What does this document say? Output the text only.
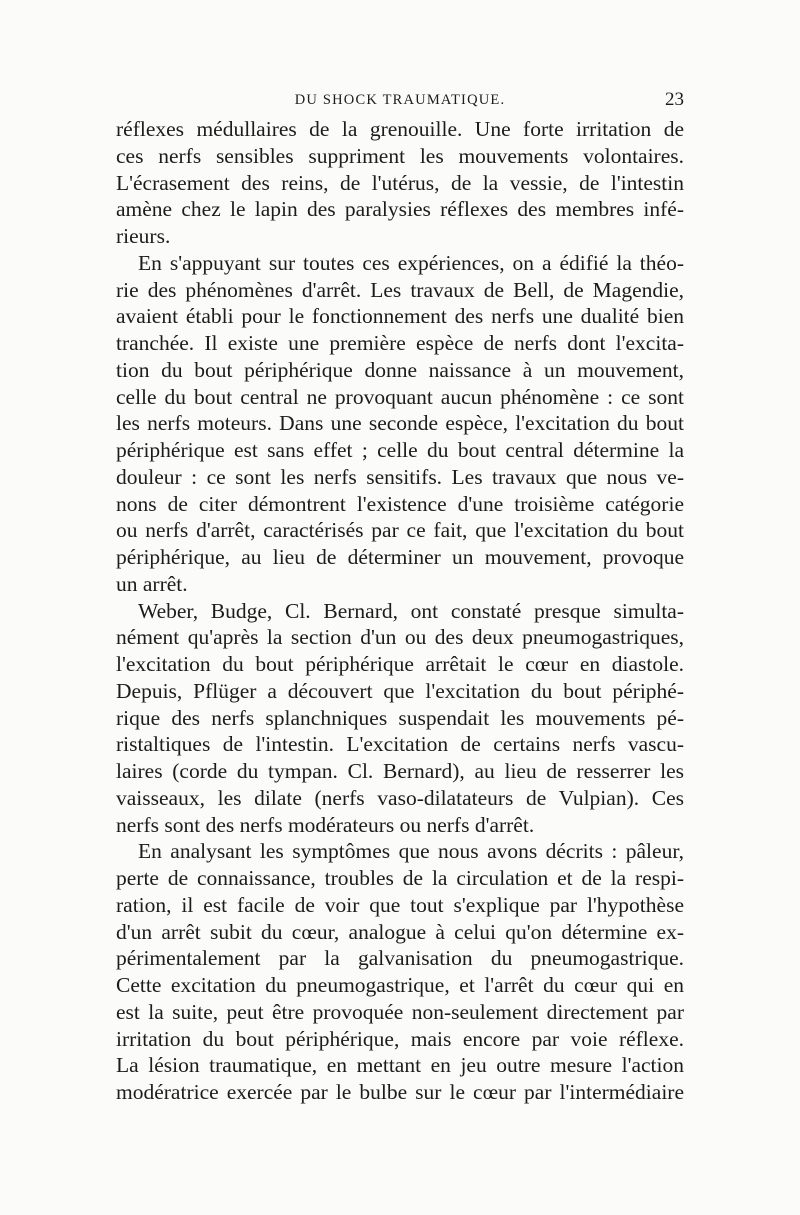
DU SHOCK TRAUMATIQUE.	23
réflexes médullaires de la grenouille. Une forte irritation de
ces nerfs sensibles suppriment les mouvements volontaires.
L'écrasement des reins, de l'utérus, de la vessie, de l'intestin
amène chez le lapin des paralysies réflexes des membres infé-
rieurs.
En s'appuyant sur toutes ces expériences, on a édifié la théo-
rie des phénomènes d'arrêt. Les travaux de Bell, de Magendie,
avaient établi pour le fonctionnement des nerfs une dualité bien
tranchée. Il existe une première espèce de nerfs dont l'excita-
tion du bout périphérique donne naissance à un mouvement,
celle du bout central ne provoquant aucun phénomène : ce sont
les nerfs moteurs. Dans une seconde espèce, l'excitation du bout
périphérique est sans effet ; celle du bout central détermine la
douleur : ce sont les nerfs sensitifs. Les travaux que nous ve-
nons de citer démontrent l'existence d'une troisième catégorie
ou nerfs d'arrêt, caractérisés par ce fait, que l'excitation du bout
périphérique, au lieu de déterminer un mouvement, provoque
un arrêt.
Weber, Budge, Cl. Bernard, ont constaté presque simulta-
nément qu'après la section d'un ou des deux pneumogastriques,
l'excitation du bout périphérique arrêtait le cœur en diastole.
Depuis, Pflüger a découvert que l'excitation du bout périphé-
rique des nerfs splanchniques suspendait les mouvements pé-
ristaltiques de l'intestin. L'excitation de certains nerfs vascu-
laires (corde du tympan. Cl. Bernard), au lieu de resserrer les
vaisseaux, les dilate (nerfs vaso-dilatateurs de Vulpian). Ces
nerfs sont des nerfs modérateurs ou nerfs d'arrêt.
En analysant les symptômes que nous avons décrits : pâleur,
perte de connaissance, troubles de la circulation et de la respi-
ration, il est facile de voir que tout s'explique par l'hypothèse
d'un arrêt subit du cœur, analogue à celui qu'on détermine ex-
périmentalement par la galvanisation du pneumogastrique.
Cette excitation du pneumogastrique, et l'arrêt du cœur qui en
est la suite, peut être provoquée non-seulement directement par
irritation du bout périphérique, mais encore par voie réflexe.
La lésion traumatique, en mettant en jeu outre mesure l'action
modératrice exercée par le bulbe sur le cœur par l'intermédiaire
